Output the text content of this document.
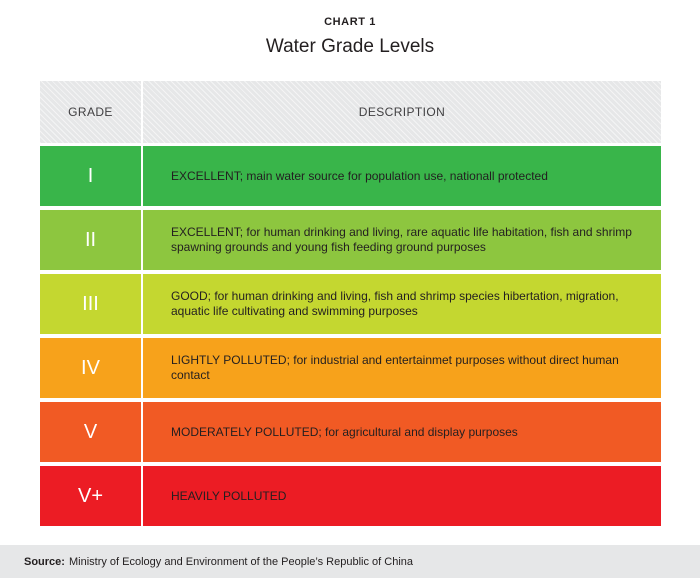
CHART 1
Water Grade Levels
GRADE	DESCRIPTION
I	EXCELLENT; main water source for population use, nationall protected
II	EXCELLENT; for human drinking and living, rare aquatic life habitation, fish and shrimp spawning grounds and young fish feeding ground purposes
III	GOOD; for human drinking and living, fish and shrimp species hibertation, migration, aquatic life cultivating and swimming purposes
IV	LIGHTLY POLLUTED; for industrial and entertainmet purposes without direct human contact
V	MODERATELY POLLUTED; for agricultural and display purposes
V+	HEAVILY POLLUTED
Source: Ministry of Ecology and Environment of the People’s Republic of China
